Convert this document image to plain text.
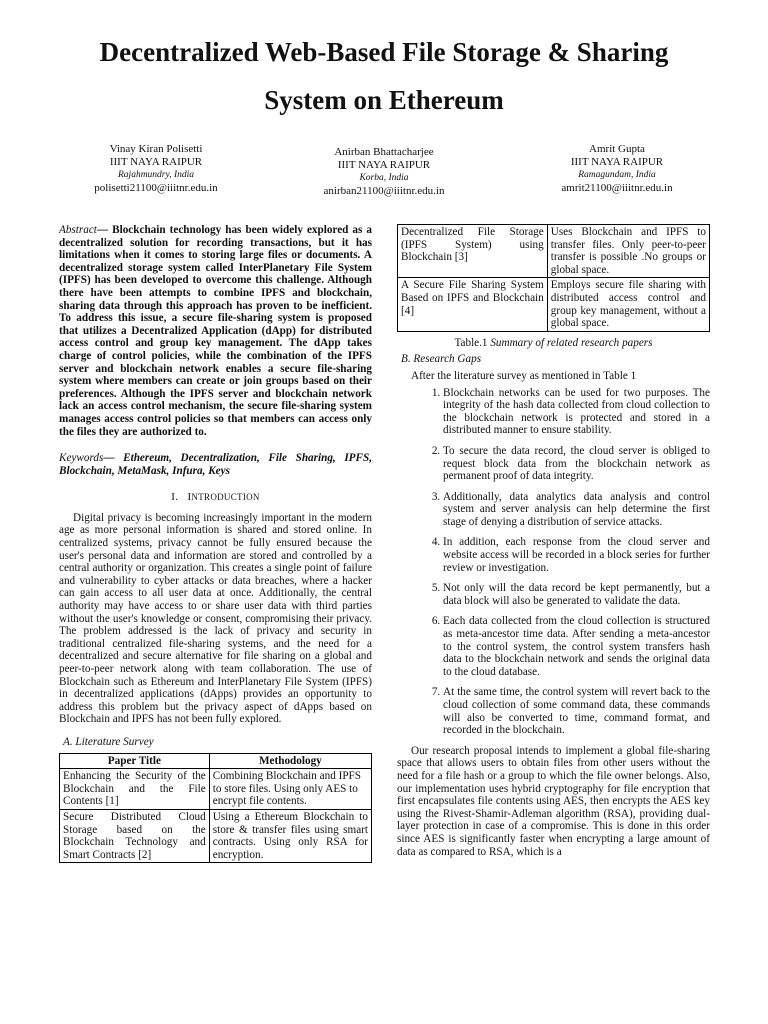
Decentralized Web-Based File Storage & Sharing
System on Ethereum
Vinay Kiran Polisetti
IIIT NAYA RAIPUR
Rajahmundry, India
polisetti21100@iiitnr.edu.in
Anirban Bhattacharjee
IIIT NAYA RAIPUR
Korba, India
anirban21100@iiitnr.edu.in
Amrit Gupta
IIIT NAYA RAIPUR
Ramagundam, India
amrit21100@iiitnr.edu.in

Abstract— Blockchain technology has been widely explored as a decentralized solution for recording transactions, but it has limitations when it comes to storing large files or documents. A decentralized storage system called InterPlanetary File System (IPFS) has been developed to overcome this challenge. Although there have been attempts to combine IPFS and blockchain, sharing data through this approach has proven to be inefficient. To address this issue, a secure file-sharing system is proposed that utilizes a Decentralized Application (dApp) for distributed access control and group key management. The dApp takes charge of control policies, while the combination of the IPFS server and blockchain network enables a secure file-sharing system where members can create or join groups based on their preferences. Although the IPFS server and blockchain network lack an access control mechanism, the secure file-sharing system manages access control policies so that members can access only the files they are authorized to.

Keywords— Ethereum, Decentralization, File Sharing, IPFS, Blockchain, MetaMask, Infura, Keys

I. INTRODUCTION

Digital privacy is becoming increasingly important in the modern age as more personal information is shared and stored online. In centralized systems, privacy cannot be fully ensured because the user's personal data and information are stored and controlled by a central authority or organization. This creates a single point of failure and vulnerability to cyber attacks or data breaches, where a hacker can gain access to all user data at once. Additionally, the central authority may have access to or share user data with third parties without the user's knowledge or consent, compromising their privacy. The problem addressed is the lack of privacy and security in traditional centralized file-sharing systems, and the need for a decentralized and secure alternative for file sharing on a global and peer-to-peer network along with team collaboration. The use of Blockchain such as Ethereum and InterPlanetary File System (IPFS) in decentralized applications (dApps) provides an opportunity to address this problem but the privacy aspect of dApps based on Blockchain and IPFS has not been fully explored.

A. Literature Survey
Paper Title	Methodology
Enhancing the Security of the Blockchain and the File Contents [1]	Combining Blockchain and IPFS to store files. Using only AES to encrypt file contents.
Secure Distributed Cloud Storage based on the Blockchain Technology and Smart Contracts [2]	Using a Ethereum Blockchain to store & transfer files using smart contracts. Using only RSA for encryption.
Decentralized File Storage (IPFS System) using Blockchain [3]	Uses Blockchain and IPFS to transfer files. Only peer-to-peer transfer is possible .No groups or global space.
A Secure File Sharing System Based on IPFS and Blockchain [4]	Employs secure file sharing with distributed access control and group key management, without a global space.
Table.1 Summary of related research papers
B. Research Gaps

After the literature survey as mentioned in Table 1

1. Blockchain networks can be used for two purposes. The integrity of the hash data collected from cloud collection to the blockchain network is protected and stored in a distributed manner to ensure stability.
2. To secure the data record, the cloud server is obliged to request block data from the blockchain network as permanent proof of data integrity.
3. Additionally, data analytics data analysis and control system and server analysis can help determine the first stage of denying a distribution of service attacks.
4. In addition, each response from the cloud server and website access will be recorded in a block series for further review or investigation.
5. Not only will the data record be kept permanently, but a data block will also be generated to validate the data.
6. Each data collected from the cloud collection is structured as meta-ancestor time data. After sending a meta-ancestor to the control system, the control system transfers hash data to the blockchain network and sends the original data to the cloud database.
7. At the same time, the control system will revert back to the cloud collection of some command data, these commands will also be converted to time, command format, and recorded in the blockchain.

Our research proposal intends to implement a global file-sharing space that allows users to obtain files from other users without the need for a file hash or a group to which the file owner belongs. Also, our implementation uses hybrid cryptography for file encryption that first encapsulates file contents using AES, then encrypts the AES key using the Rivest-Shamir-Adleman algorithm (RSA), providing dual-layer protection in case of a compromise. This is done in this order since AES is significantly faster when encrypting a large amount of data as compared to RSA, which is a
